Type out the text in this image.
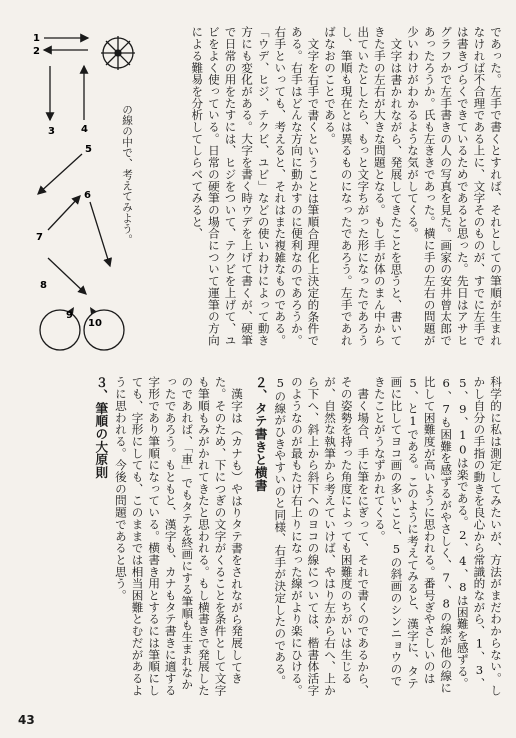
1
2
3	4
5
6
7
8
9
10

の線の中で、考えてみよう。	であった。左手で書くとすれば、それとしての筆順が生まれなければ不合理である上に、文字そのものが、すでに左手では書きづらくできているためであると思った。先日はアサヒグラフかで左手書きの人の写真を見た。画家の安井曾太郎であったろうか。氏も左ききであった。横に手の左右の問題が少いわけがわかるような気がしてくる。

文字は書かれながら、発展してきたことを思うと、書いてきた手の左右が大きな問題となる。もし手が体のまん中から出ていたとしたら、もっと文字ちがった形になったであろうし、筆順も現在とは異るものになったであろう。左手であればなおのことである。

文字を右手で書くということは筆順合理化上決定的条件である。右手はどんな方向に動かすのに便利なのであろうか。右手といっても、考えると、それはまた複雑なものである。「ウデ、ヒジ、テクビ、ユビ」などの使いわけによって動き方にも変化がある。大字を書く時ウデを上げて書くが、硬筆で日常の用をたすには、ヒジをついて、テクビを上げて、ユビをよく使っている。日常の硬筆の場合について運筆の方向による難易を分析してしらべてみると、

科学的に私は測定してみたいが、方法がまだわからない。しかし自分の手指の動きを良心から常識的ながら、1、3、5、9、10は楽である。2、4、8は困難を感ずる。6、7も困難を感ずるがやさしく、7、8の線が他の線に比して困難度が高いように思われる。番号ぎやさしいのは5、と1である。このように考えてみると、漢字に、タテ画に比してヨコ画の多いこと、5の斜画のシンニョウのできたことがうなずかれてくる。

書く場合、手に筆をにぎって、それで書くのであるから、その姿勢を持った角度によっても困難度のちがいは生じるが、自然な執筆から考えていけば、やはり左から右へ、上から下へ、斜上から斜下へのヨコの線については、楷書体活字のようなのが最もたけ右上りになった線がより楽にひける。5の線がひきやすいのと同様、右手が決定したのである。

２、タテ書きと横書

漢字は（カナも）やはりタテ書をされながら発展してきた。そのため、下につぎの文字がくることを条件として文字も筆順もみがかれてきたと思われる。もし横書きで発展したのであれば、「車」でもタテを終画にする筆順も生まれなかったであろう。もともと、漢字も、カナもタテ書きに適する字形であり筆順になっている。横書き用とするには筆順にしても、字形にしても、このままでは相当困難とむだがあるように思われる。今後の問題であると思う。

３、筆順の大原則
43
